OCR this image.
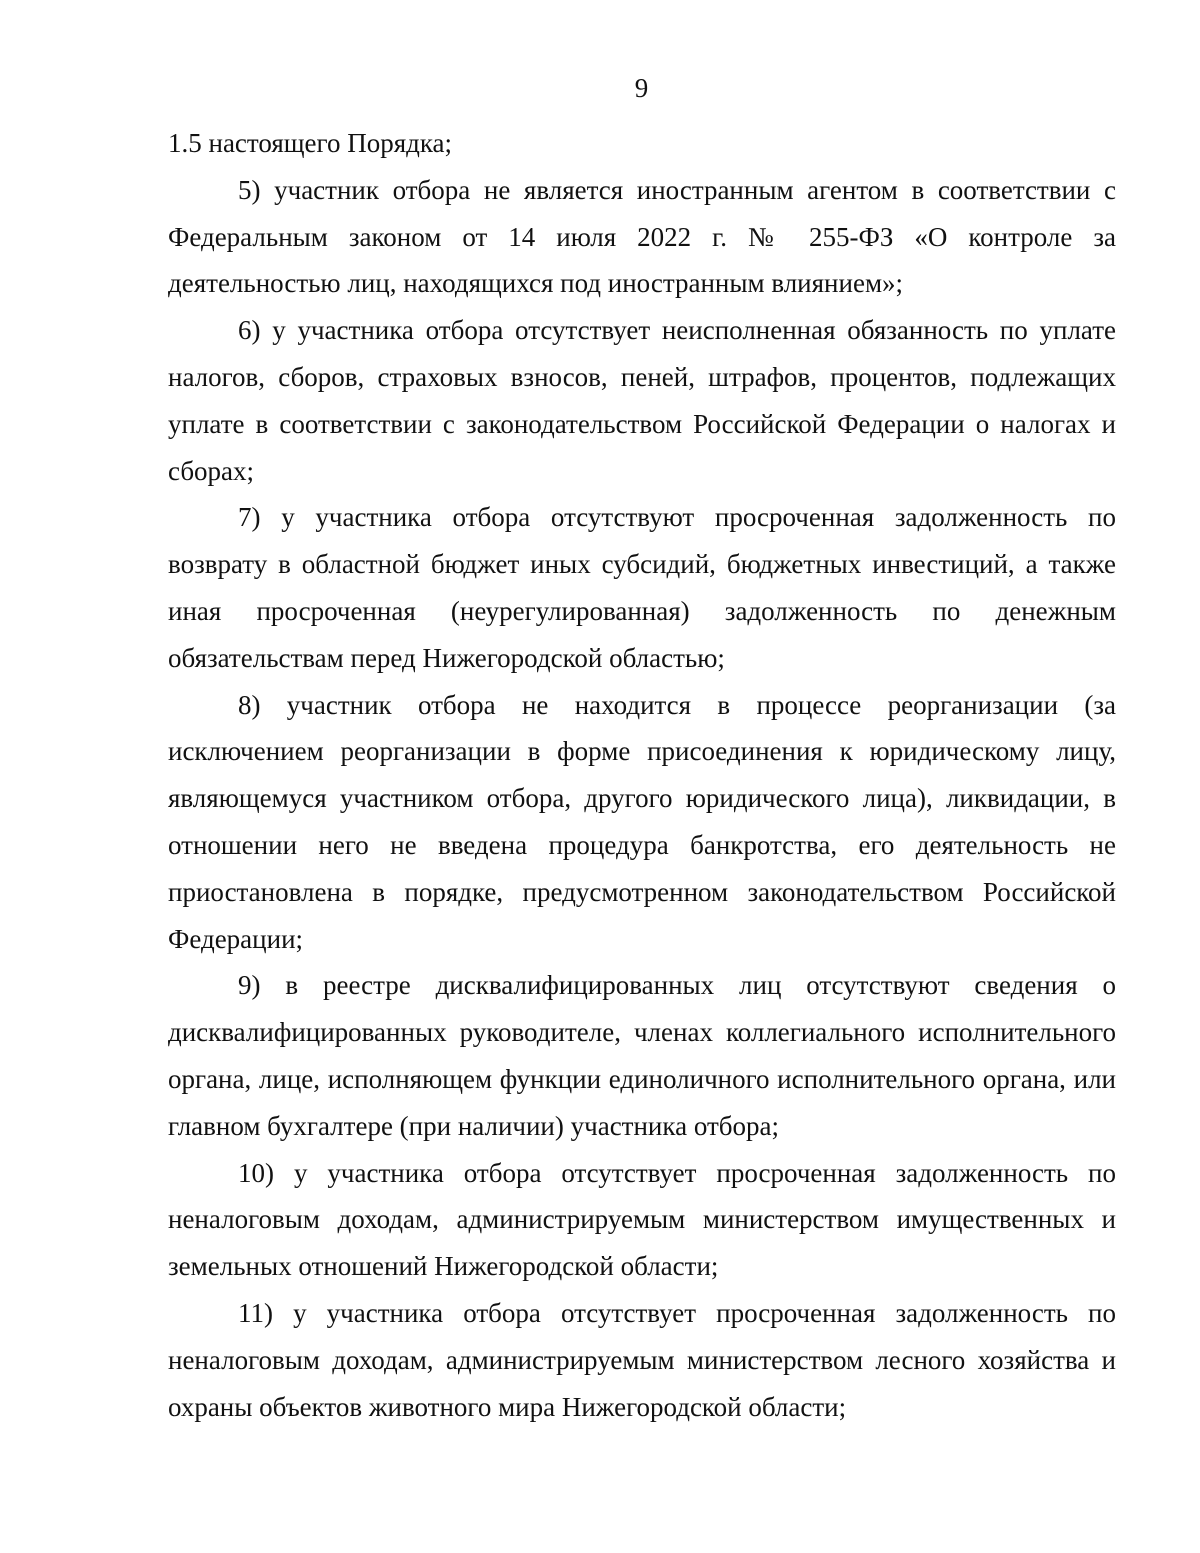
9

1.5 настоящего Порядка;

5) участник отбора не является иностранным агентом в соответствии с Федеральным законом от 14 июля 2022 г. № 255-ФЗ «О контроле за деятельностью лиц, находящихся под иностранным влиянием»;

6) у участника отбора отсутствует неисполненная обязанность по уплате налогов, сборов, страховых взносов, пеней, штрафов, процентов, подлежащих уплате в соответствии с законодательством Российской Федерации о налогах и сборах;

7) у участника отбора отсутствуют просроченная задолженность по возврату в областной бюджет иных субсидий, бюджетных инвестиций, а также иная просроченная (неурегулированная) задолженность по денежным обязательствам перед Нижегородской областью;

8) участник отбора не находится в процессе реорганизации (за исключением реорганизации в форме присоединения к юридическому лицу, являющемуся участником отбора, другого юридического лица), ликвидации, в отношении него не введена процедура банкротства, его деятельность не приостановлена в порядке, предусмотренном законодательством Российской Федерации;

9) в реестре дисквалифицированных лиц отсутствуют сведения о дисквалифицированных руководителе, членах коллегиального исполнительного органа, лице, исполняющем функции единоличного исполнительного органа, или главном бухгалтере (при наличии) участника отбора;

10) у участника отбора отсутствует просроченная задолженность по неналоговым доходам, администрируемым министерством имущественных и земельных отношений Нижегородской области;

11) у участника отбора отсутствует просроченная задолженность по неналоговым доходам, администрируемым министерством лесного хозяйства и охраны объектов животного мира Нижегородской области;
